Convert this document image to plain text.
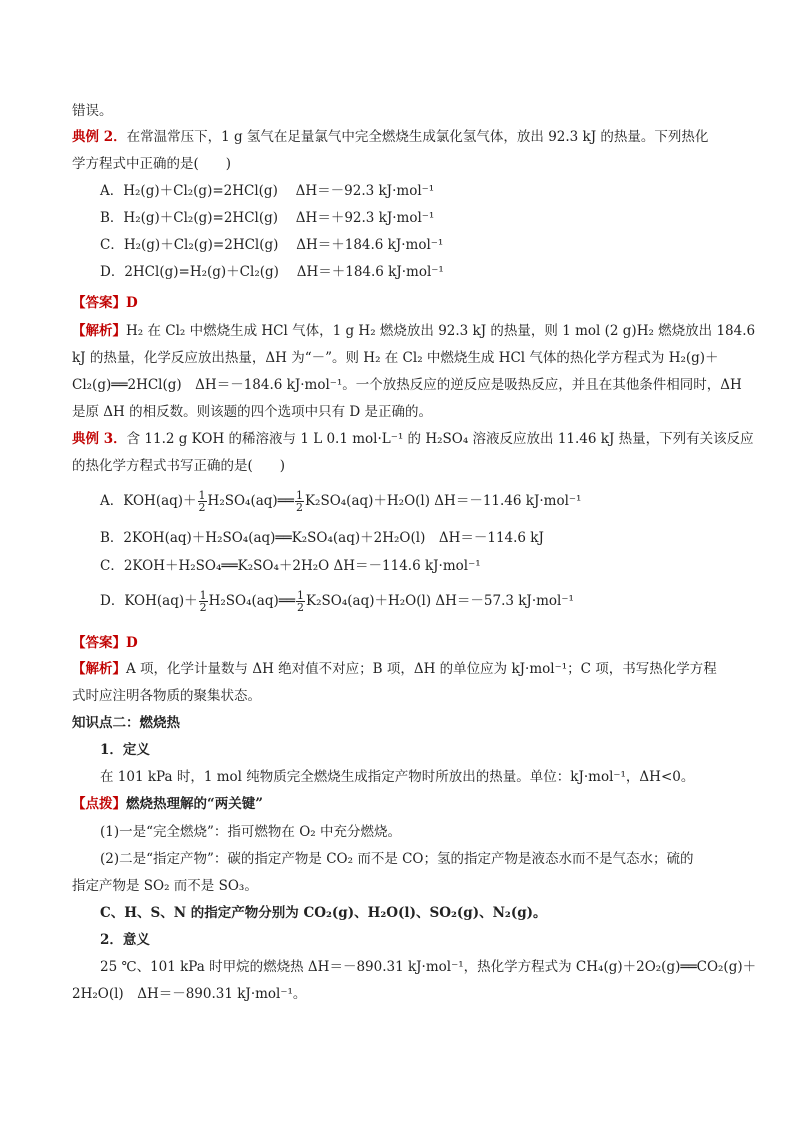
错误。
典例 2．在常温常压下，1 g 氢气在足量氯气中完全燃烧生成氯化氢气体，放出 92.3 kJ 的热量。下列热化
学方程式中正确的是(　　)
A．H₂(g)＋Cl₂(g)=2HCl(g)　 ΔH＝－92.3 kJ·mol⁻¹
B．H₂(g)＋Cl₂(g)=2HCl(g)　 ΔH＝＋92.3 kJ·mol⁻¹
C．H₂(g)＋Cl₂(g)=2HCl(g)　 ΔH＝＋184.6 kJ·mol⁻¹
D．2HCl(g)=H₂(g)＋Cl₂(g)　 ΔH＝＋184.6 kJ·mol⁻¹
【答案】D
【解析】H₂ 在 Cl₂ 中燃烧生成 HCl 气体，1 g H₂ 燃烧放出 92.3 kJ 的热量，则 1 mol (2 g)H₂ 燃烧放出 184.6
kJ 的热量，化学反应放出热量，ΔH 为“－”。则 H₂ 在 Cl₂ 中燃烧生成 HCl 气体的热化学方程式为 H₂(g)＋
Cl₂(g)══2HCl(g)　ΔH＝－184.6 kJ·mol⁻¹。一个放热反应的逆反应是吸热反应，并且在其他条件相同时，ΔH
是原 ΔH 的相反数。则该题的四个选项中只有 D 是正确的。
典例 3．含 11.2 g KOH 的稀溶液与 1 L 0.1 mol·L⁻¹ 的 H₂SO₄ 溶液反应放出 11.46 kJ 热量，下列有关该反应
的热化学方程式书写正确的是(　　)
A．$KOH(aq)+ \frac{1}{2}$ H₂SO₄(aq)══ $\frac{1}{2} K_2SO_4(aq)+H_2O(l)$ ΔH＝－11.46 kJ·mol⁻¹
B．2KOH(aq)＋H₂SO₄(aq)══K₂SO₄(aq)＋2H₂O(l)　ΔH＝－114.6 kJ
C．2KOH＋H₂SO₄══K₂SO₄＋2H₂O ΔH＝－114.6 kJ·mol⁻¹
D．$KOH(aq)+ \frac{1}{2}$ H₂SO₄(aq)══ $\frac{1}{2} K_2SO_4(aq)+H_2O(l)$ ΔH＝－57.3 kJ·mol⁻¹
【答案】D
【解析】A 项，化学计量数与 ΔH 绝对值不对应；B 项，ΔH 的单位应为 kJ·mol⁻¹；C 项，书写热化学方程
式时应注明各物质的聚集状态。
知识点二：燃烧热
1．定义
在 101 kPa 时，1 mol 纯物质完全燃烧生成指定产物时所放出的热量。单位：kJ·mol⁻¹，ΔH<0。
【点拨】燃烧热理解的“两关键”
(1)一是“完全燃烧”：指可燃物在 O₂ 中充分燃烧。
(2)二是“指定产物”：碳的指定产物是 CO₂ 而不是 CO；氢的指定产物是液态水而不是气态水；硫的
指定产物是 SO₂ 而不是 SO₃。
C、H、S、N 的指定产物分别为 CO₂(g)、H₂O(l)、SO₂(g)、N₂(g)。
2．意义
25 ℃、101 kPa 时甲烷的燃烧热 ΔH＝－890.31 kJ·mol⁻¹，热化学方程式为 CH₄(g)＋2O₂(g)══CO₂(g)＋
2H₂O(l)　ΔH＝－890.31 kJ·mol⁻¹。
